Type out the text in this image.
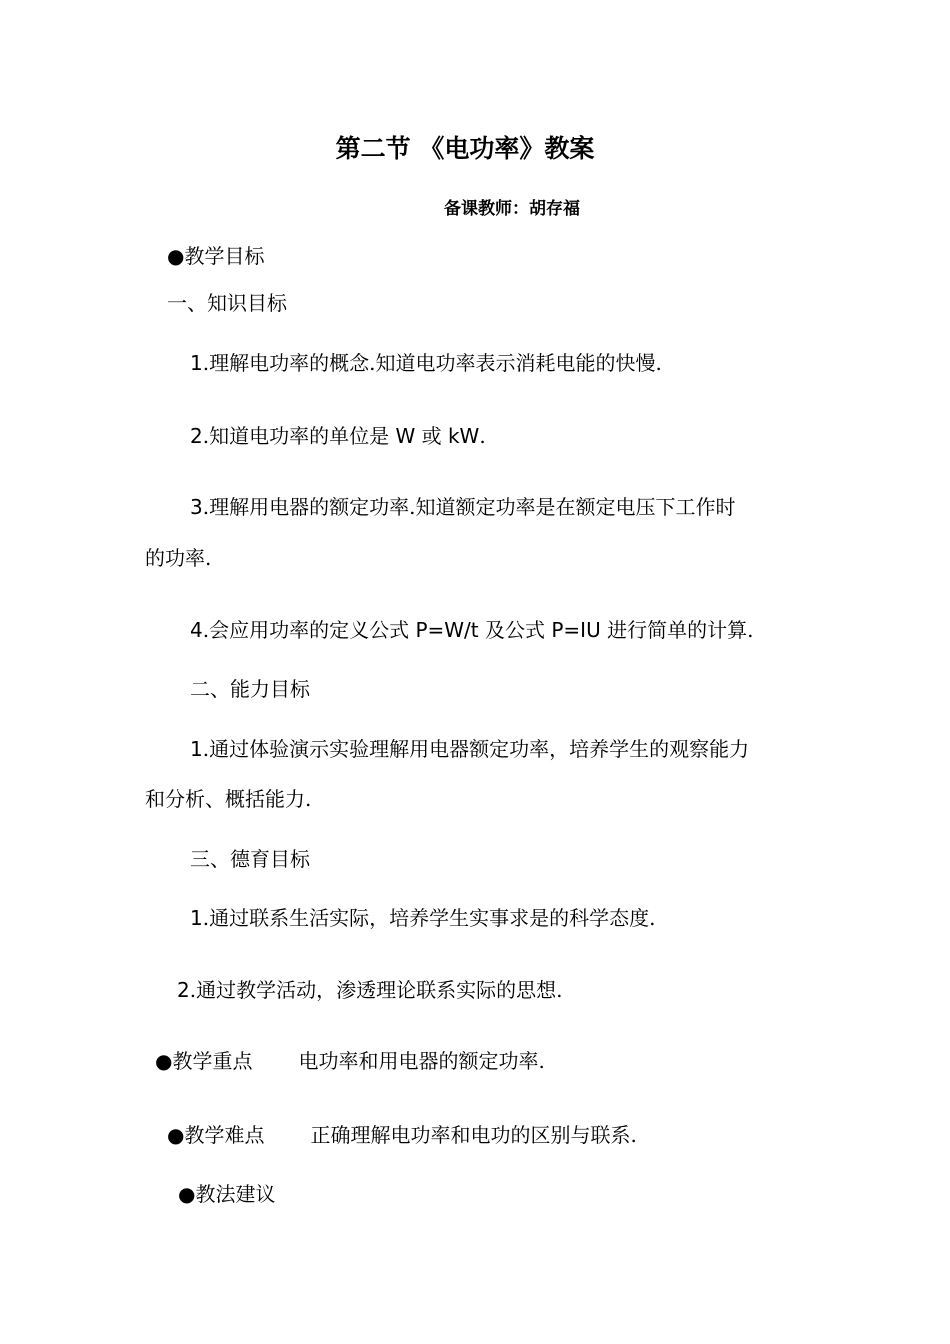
第二节 《电功率》教案
备课教师：胡存福
●教学目标
一、知识目标
1.理解电功率的概念.知道电功率表示消耗电能的快慢.
2.知道电功率的单位是 W 或 kW.
3.理解用电器的额定功率.知道额定功率是在额定电压下工作时
的功率.
4.会应用功率的定义公式 P=W/t 及公式 P=IU 进行简单的计算.
二、能力目标
1.通过体验演示实验理解用电器额定功率，培养学生的观察能力
和分析、概括能力.
三、德育目标
1.通过联系生活实际，培养学生实事求是的科学态度.
2.通过教学活动，渗透理论联系实际的思想.
●教学重点 电功率和用电器的额定功率.
●教学难点 正确理解电功率和电功的区别与联系.
●教法建议
